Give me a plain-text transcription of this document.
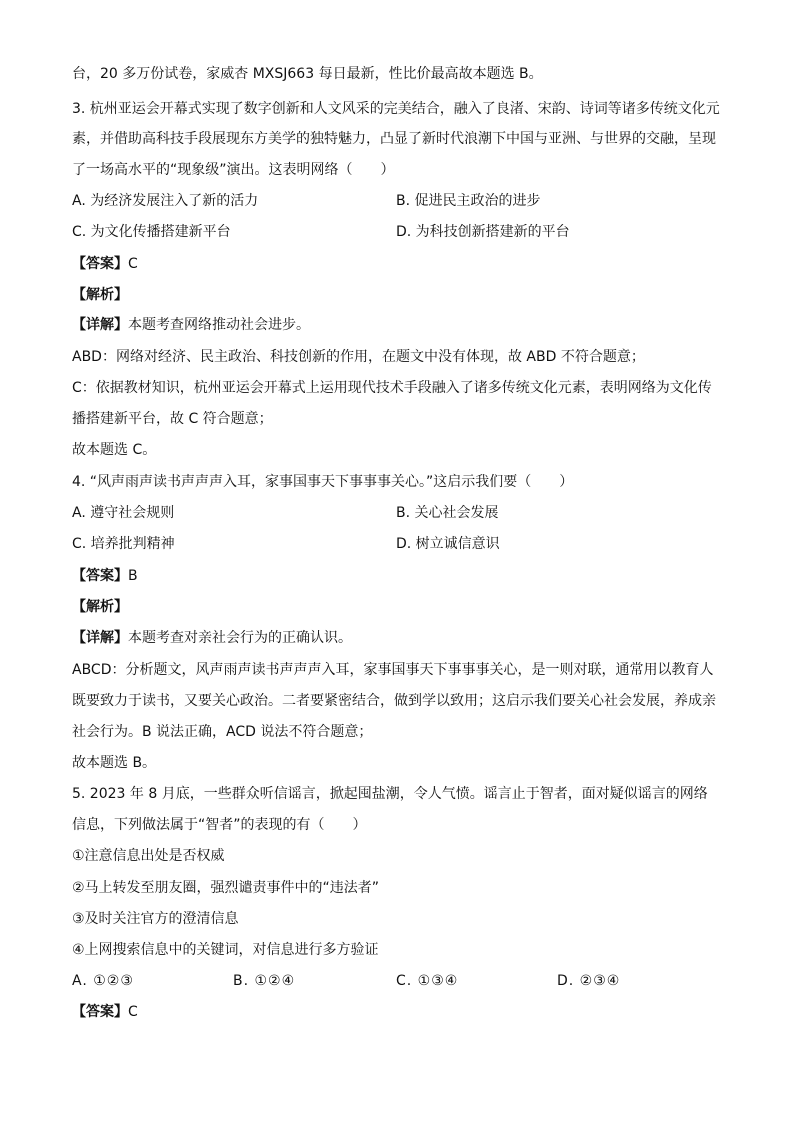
台，20 多万份试卷，家威杏 MXSJ663 每日最新，性比价最高故本题选 B。
3. 杭州亚运会开幕式实现了数字创新和人文风采的完美结合，融入了良渚、宋韵、诗词等诸多传统文化元
素，并借助高科技手段展现东方美学的独特魅力，凸显了新时代浪潮下中国与亚洲、与世界的交融，呈现
了一场高水平的“现象级”演出。这表明网络（　　）
A. 为经济发展注入了新的活力	B. 促进民主政治的进步
C. 为文化传播搭建新平台	D. 为科技创新搭建新的平台
【答案】C
【解析】
【详解】本题考查网络推动社会进步。
ABD：网络对经济、民主政治、科技创新的作用，在题文中没有体现，故 ABD 不符合题意；
C：依据教材知识，杭州亚运会开幕式上运用现代技术手段融入了诸多传统文化元素，表明网络为文化传
播搭建新平台，故 C 符合题意；
故本题选 C。
4. “风声雨声读书声声声入耳，家事国事天下事事事关心。”这启示我们要（　　）
A. 遵守社会规则	B. 关心社会发展
C. 培养批判精神	D. 树立诚信意识
【答案】B
【解析】
【详解】本题考查对亲社会行为的正确认识。
ABCD：分析题文，风声雨声读书声声声入耳，家事国事天下事事事关心，是一则对联，通常用以教育人
既要致力于读书，又要关心政治。二者要紧密结合，做到学以致用；这启示我们要关心社会发展，养成亲
社会行为。B 说法正确，ACD 说法不符合题意；
故本题选 B。
5. 2023 年 8 月底，一些群众听信谣言，掀起囤盐潮，令人气愤。谣言止于智者，面对疑似谣言的网络
信息，下列做法属于“智者”的表现的有（　　）
①注意信息出处是否权威
②马上转发至朋友圈，强烈谴责事件中的“违法者”
③及时关注官方的澄清信息
④上网搜索信息中的关键词，对信息进行多方验证
A. ①②③	B. ①②④	C. ①③④	D. ②③④
【答案】C
